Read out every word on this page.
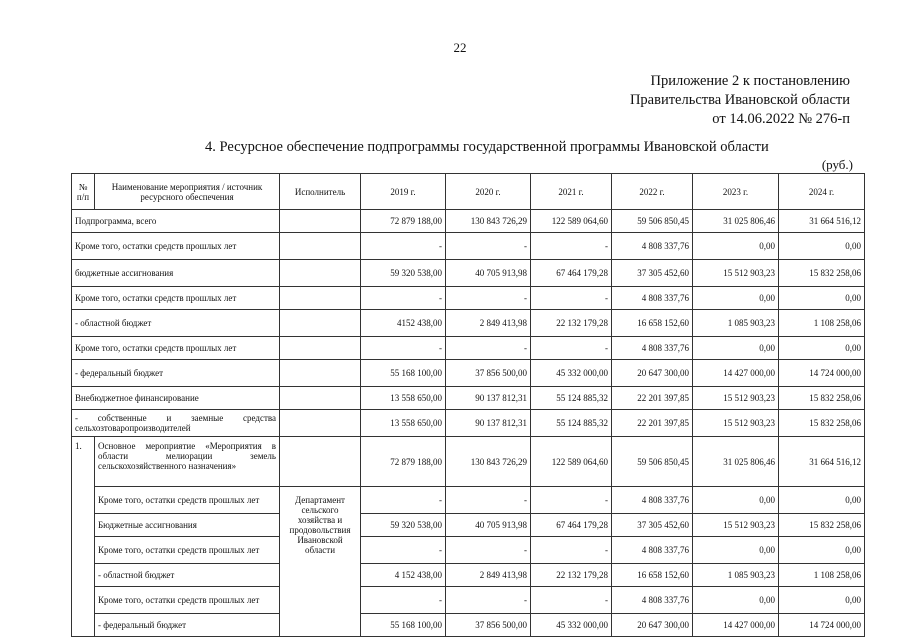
22
Приложение 2 к постановлению
Правительства Ивановской области
от 14.06.2022 № 276-п
4. Ресурсное обеспечение подпрограммы государственной программы Ивановской области
(руб.)
№ п/п	Наименование мероприятия / источник ресурсного обеспечения	Исполнитель	2019 г.	2020 г.	2021 г.	2022 г.	2023 г.	2024 г.
Подпрограмма, всего			72 879 188,00	130 843 726,29	122 589 064,60	59 506 850,45	31 025 806,46	31 664 516,12
Кроме того, остатки средств прошлых лет			-	-	-	4 808 337,76	0,00	0,00
бюджетные ассигнования			59 320 538,00	40 705 913,98	67 464 179,28	37 305 452,60	15 512 903,23	15 832 258,06
Кроме того, остатки средств прошлых лет			-	-	-	4 808 337,76	0,00	0,00
- областной бюджет			4152 438,00	2 849 413,98	22 132 179,28	16 658 152,60	1 085 903,23	1 108 258,06
Кроме того, остатки средств прошлых лет			-	-	-	4 808 337,76	0,00	0,00
- федеральный бюджет			55 168 100,00	37 856 500,00	45 332 000,00	20 647 300,00	14 427 000,00	14 724 000,00
Внебюджетное финансирование			13 558 650,00	90 137 812,31	55 124 885,32	22 201 397,85	15 512 903,23	15 832 258,06

- собственные и заемные средства
сельхозтоваропроизводителей			13 558 650,00	90 137 812,31	55 124 885,32	22 201 397,85	15 512 903,23	15 832 258,06
1.	Основное мероприятие «Мероприятия в
области мелиорации земель
сельскохозяйственного назначения»		72 879 188,00	130 843 726,29	122 589 064,60	59 506 850,45	31 025 806,46	31 664 516,12
	Кроме того, остатки средств прошлых лет	Департамент сельского хозяйства и продовольствия Ивановской области	-	-	-	4 808 337,76	0,00	0,00
	Бюджетные ассигнования		59 320 538,00	40 705 913,98	67 464 179,28	37 305 452,60	15 512 903,23	15 832 258,06
	Кроме того, остатки средств прошлых лет		-	-	-	4 808 337,76	0,00	0,00
	- областной бюджет		4 152 438,00	2 849 413,98	22 132 179,28	16 658 152,60	1 085 903,23	1 108 258,06
	Кроме того, остатки средств прошлых лет		-	-	-	4 808 337,76	0,00	0,00
	- федеральный бюджет		55 168 100,00	37 856 500,00	45 332 000,00	20 647 300,00	14 427 000,00	14 724 000,00
